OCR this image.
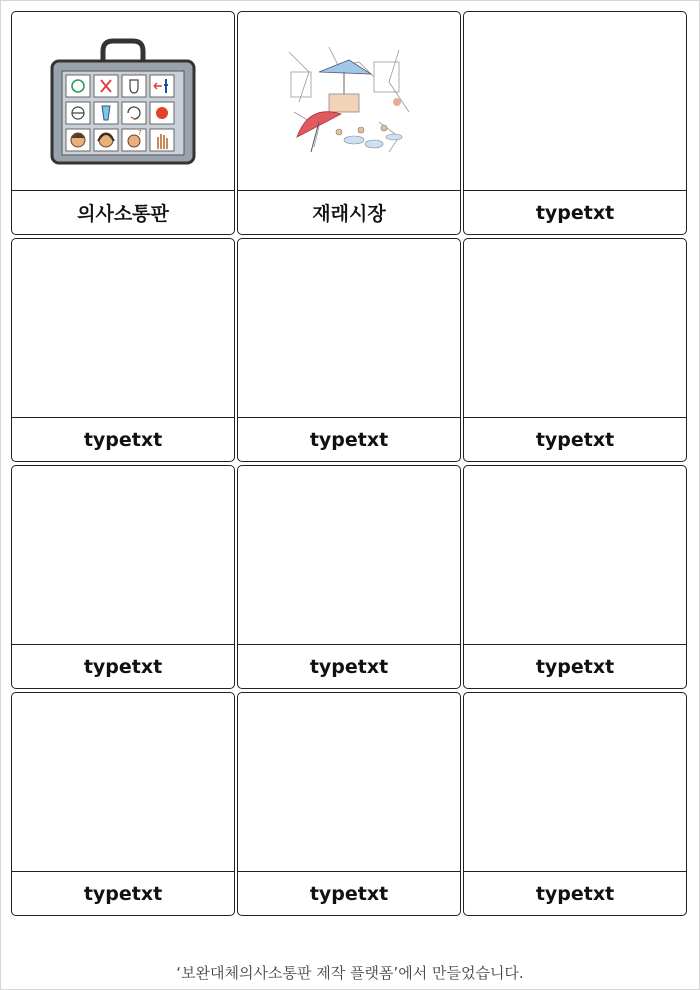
?
의사소통판	재래시장	typetxt
typetxt	typetxt	typetxt
typetxt	typetxt	typetxt
typetxt	typetxt	typetxt
‘보완대체의사소통판 제작 플랫폼’에서 만들었습니다.
